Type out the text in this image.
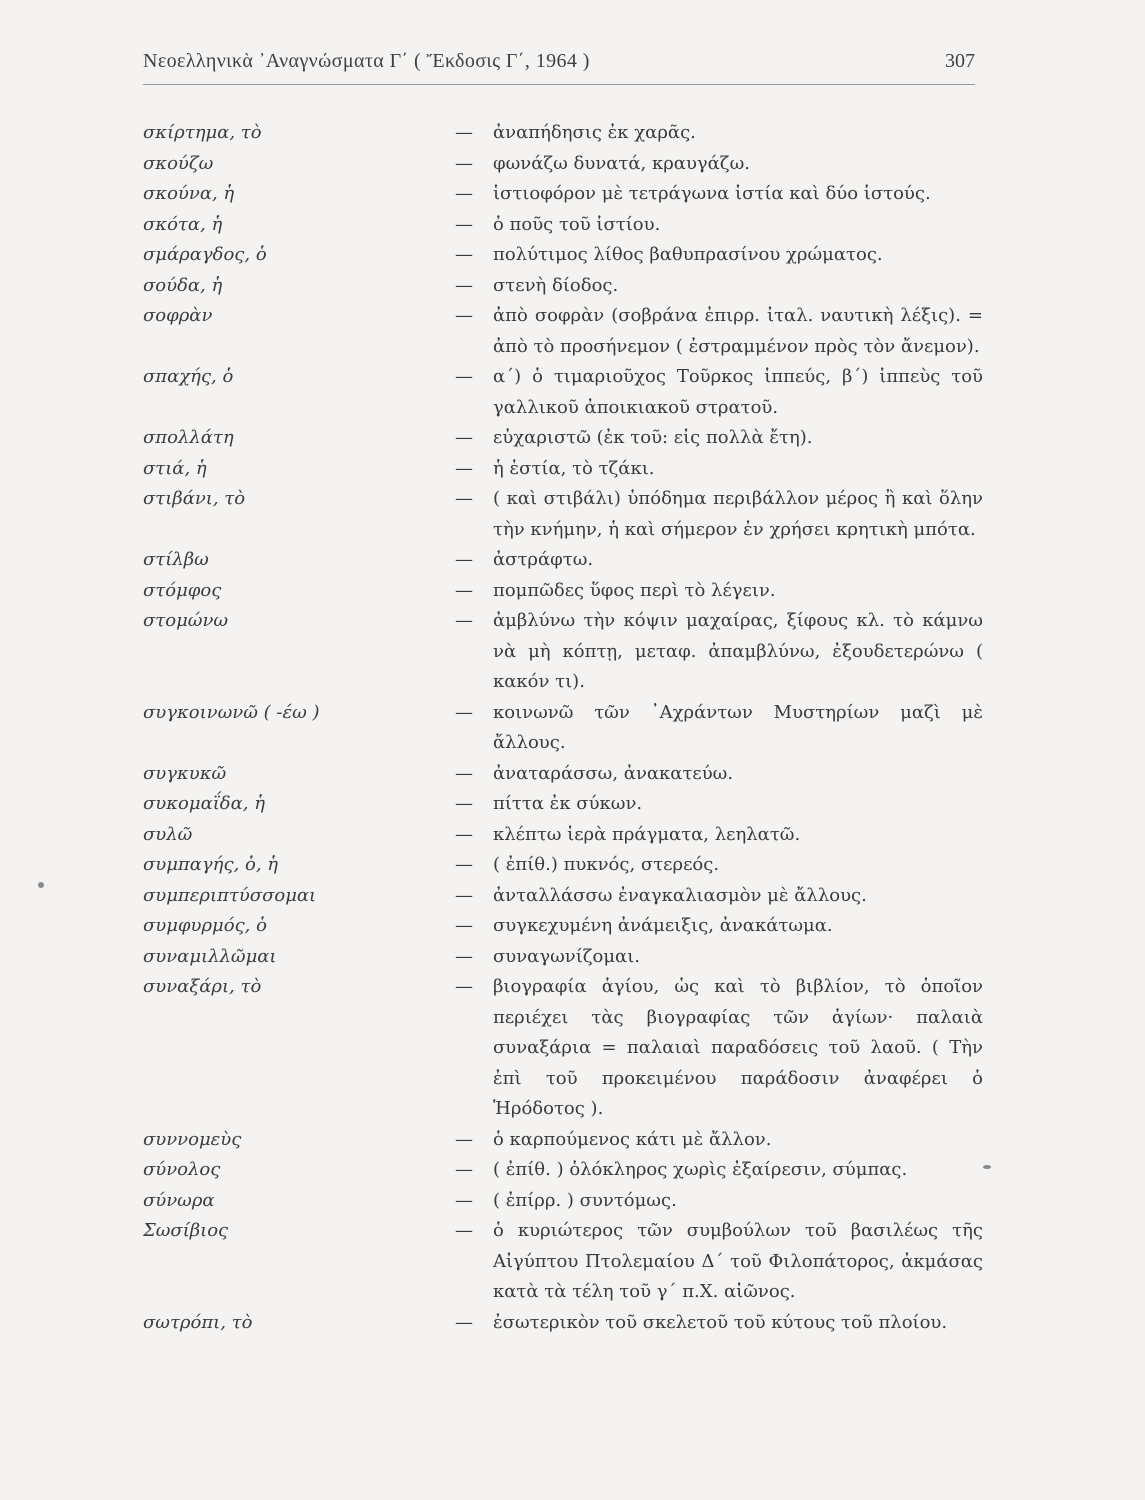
Νεοελληνικὰ ᾿Αναγνώσματα Γ΄ ( Ἔκδοσις Γ΄, 1964 )	307
σκίρτημα, τὸ	—	ἀναπήδησις ἐκ χαρᾶς.
σκούζω	—	φωνάζω δυνατά, κραυγάζω.
σκούνα, ἡ	—	ἱστιοφόρον μὲ τετράγωνα ἱστία καὶ δύο ἱστούς.
σκότα, ἡ	—	ὁ ποῦς τοῦ ἱστίου.
σμάραγδος, ὁ	—	πολύτιμος λίθος βαθυπρασίνου χρώματος.
σούδα, ἡ	—	στενὴ δίοδος.
σοφρὰν	—	ἀπὸ σοφρὰν (σοβράνα ἐπιρρ. ἰταλ. ναυτικὴ λέξις). = ἀπὸ τὸ προσήνεμον ( ἐστραμμένον πρὸς τὸν ἄνεμον).
σπαχής, ὁ	—	α΄) ὁ τιμαριοῦχος Τοῦρκος ἱππεύς, β΄) ἱππεὺς τοῦ γαλλικοῦ ἀποικιακοῦ στρατοῦ.
σπολλάτη	—	εὐχαριστῶ (ἐκ τοῦ: εἰς πολλὰ ἔτη).
στιά, ἡ	—	ἡ ἑστία, τὸ τζάκι.
στιβάνι, τὸ	—	( καὶ στιβάλι) ὑπόδημα περιβάλλον μέρος ἢ καὶ ὅλην τὴν κνήμην, ἡ καὶ σήμερον ἐν χρήσει κρητικὴ μπότα.
στίλβω	—	ἀστράφτω.
στόμφος	—	πομπῶδες ὕφος περὶ τὸ λέγειν.
στομώνω	—	ἀμβλύνω τὴν κόψιν μαχαίρας, ξίφους κλ. τὸ κάμνω νὰ μὴ κόπτῃ, μεταφ. ἀπαμβλύνω, ἐξουδετερώνω ( κακόν τι).
συγκοινωνῶ ( -έω )	—	κοινωνῶ τῶν ᾿Αχράντων Μυστηρίων μαζὶ μὲ ἄλλους.
συγκυκῶ	—	ἀναταράσσω, ἀνακατεύω.
συκομαΐδα, ἡ	—	πίττα ἐκ σύκων.
συλῶ	—	κλέπτω ἱερὰ πράγματα, λεηλατῶ.
συμπαγής, ὁ, ἡ	—	( ἐπίθ.) πυκνός, στερεός.
συμπεριπτύσσομαι	—	ἀνταλλάσσω ἐναγκαλιασμὸν μὲ ἄλλους.
συμφυρμός, ὁ	—	συγκεχυμένη ἀνάμειξις, ἀνακάτωμα.
συναμιλλῶμαι	—	συναγωνίζομαι.
συναξάρι, τὸ	—	βιογραφία ἁγίου, ὡς καὶ τὸ βιβλίον, τὸ ὁποῖον περιέχει τὰς βιογραφίας τῶν ἁγίων· παλαιὰ συναξάρια = παλαιαὶ παραδόσεις τοῦ λαοῦ. ( Τὴν ἐπὶ τοῦ προκειμένου παράδοσιν ἀναφέρει ὁ Ἡρόδοτος ).
συννομεὺς	—	ὁ καρπούμενος κάτι μὲ ἄλλον.
σύνολος	—	( ἐπίθ. ) ὁλόκληρος χωρὶς ἐξαίρεσιν, σύμπας.
σύνωρα	—	( ἐπίρρ. ) συντόμως.
Σωσίβιος	—	ὁ κυριώτερος τῶν συμβούλων τοῦ βασιλέως τῆς Αἰγύπτου Πτολεμαίου Δ΄ τοῦ Φιλοπάτορος, ἀκμάσας κατὰ τὰ τέλη τοῦ γ΄ π.Χ. αἰῶνος.
σωτρόπι, τὸ	—	ἐσωτερικὸν τοῦ σκελετοῦ τοῦ κύτους τοῦ πλοίου.
